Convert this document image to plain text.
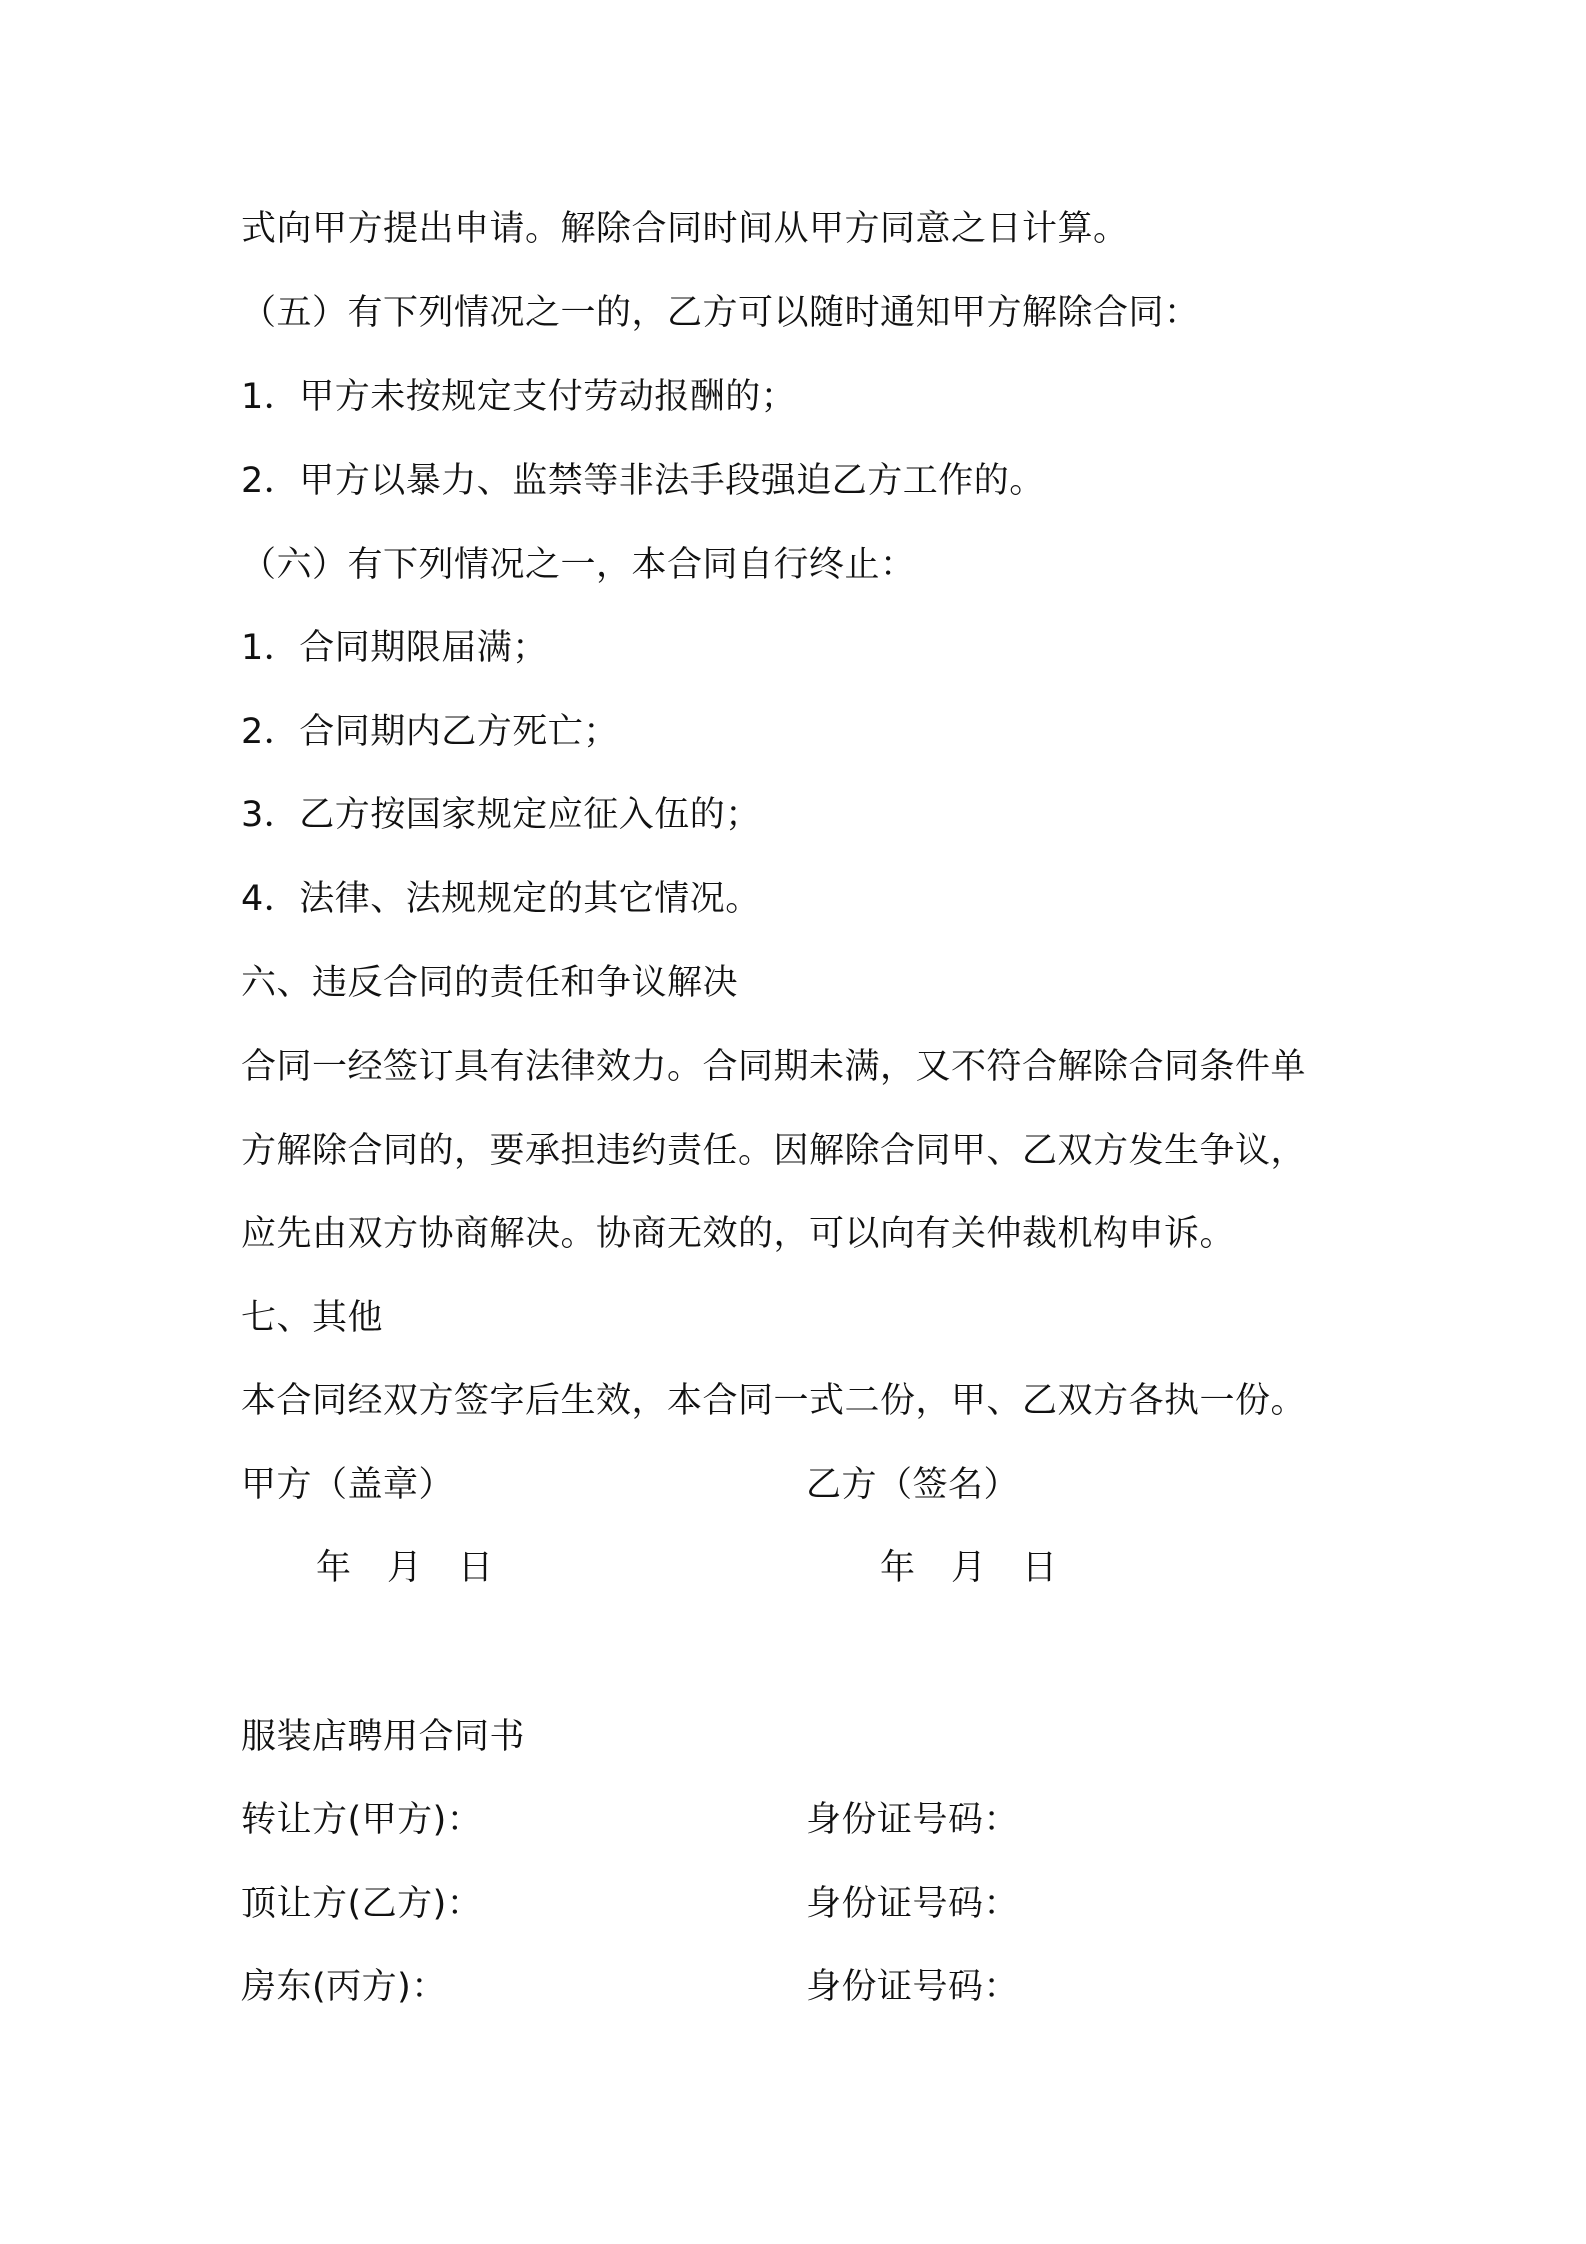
式向甲方提出申请。解除合同时间从甲方同意之日计算。
（五）有下列情况之一的，乙方可以随时通知甲方解除合同：
1．甲方未按规定支付劳动报酬的；
2．甲方以暴力、监禁等非法手段强迫乙方工作的。
（六）有下列情况之一，本合同自行终止：
1．合同期限届满；
2．合同期内乙方死亡；
3．乙方按国家规定应征入伍的；
4．法律、法规规定的其它情况。
六、违反合同的责任和争议解决
合同一经签订具有法律效力。合同期未满，又不符合解除合同条件单
方解除合同的，要承担违约责任。因解除合同甲、乙双方发生争议，
应先由双方协商解决。协商无效的，可以向有关仲裁机构申诉。
七、其他
本合同经双方签字后生效，本合同一式二份，甲、乙双方各执一份。
甲方（盖章）	乙方（签名）
年　月　日	年　月　日
服装店聘用合同书
转让方(甲方)：	身份证号码：
顶让方(乙方)：	身份证号码：
房东(丙方)：	身份证号码：
